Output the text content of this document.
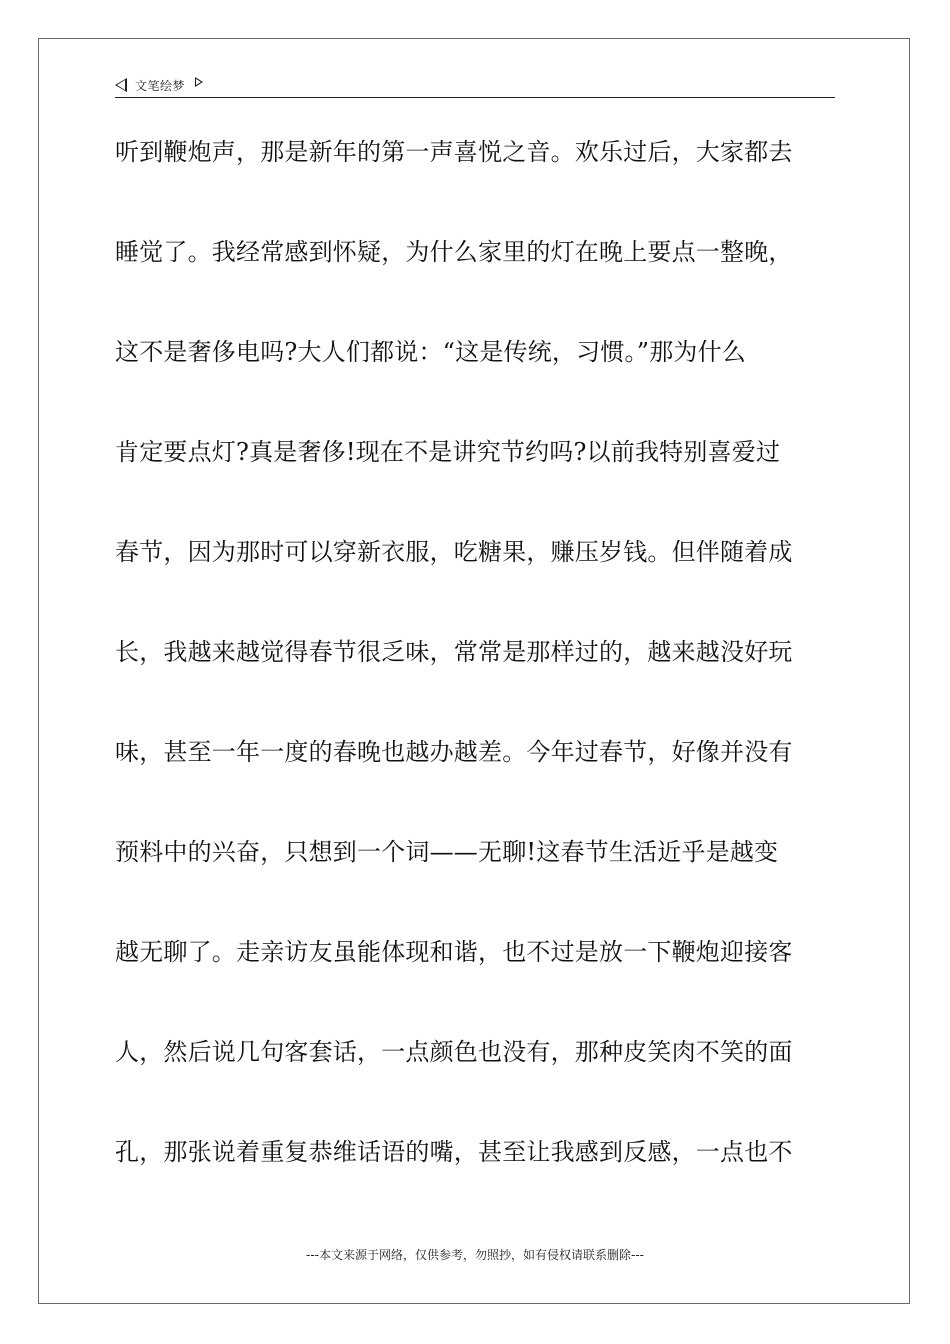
文笔绘梦
听到鞭炮声，那是新年的第一声喜悦之音。欢乐过后，大家都去
睡觉了。我经常感到怀疑，为什么家里的灯在晚上要点一整晚，
这不是奢侈电吗?大人们都说：“这是传统，习惯。”那为什么
肯定要点灯?真是奢侈!现在不是讲究节约吗?以前我特别喜爱过
春节，因为那时可以穿新衣服，吃糖果，赚压岁钱。但伴随着成
长，我越来越觉得春节很乏味，常常是那样过的，越来越没好玩
味，甚至一年一度的春晚也越办越差。今年过春节，好像并没有
预料中的兴奋，只想到一个词——无聊!这春节生活近乎是越变
越无聊了。走亲访友虽能体现和谐，也不过是放一下鞭炮迎接客
人，然后说几句客套话，一点颜色也没有，那种皮笑肉不笑的面
孔，那张说着重复恭维话语的嘴，甚至让我感到反感，一点也不
---本文来源于网络，仅供参考，勿照抄，如有侵权请联系删除---
